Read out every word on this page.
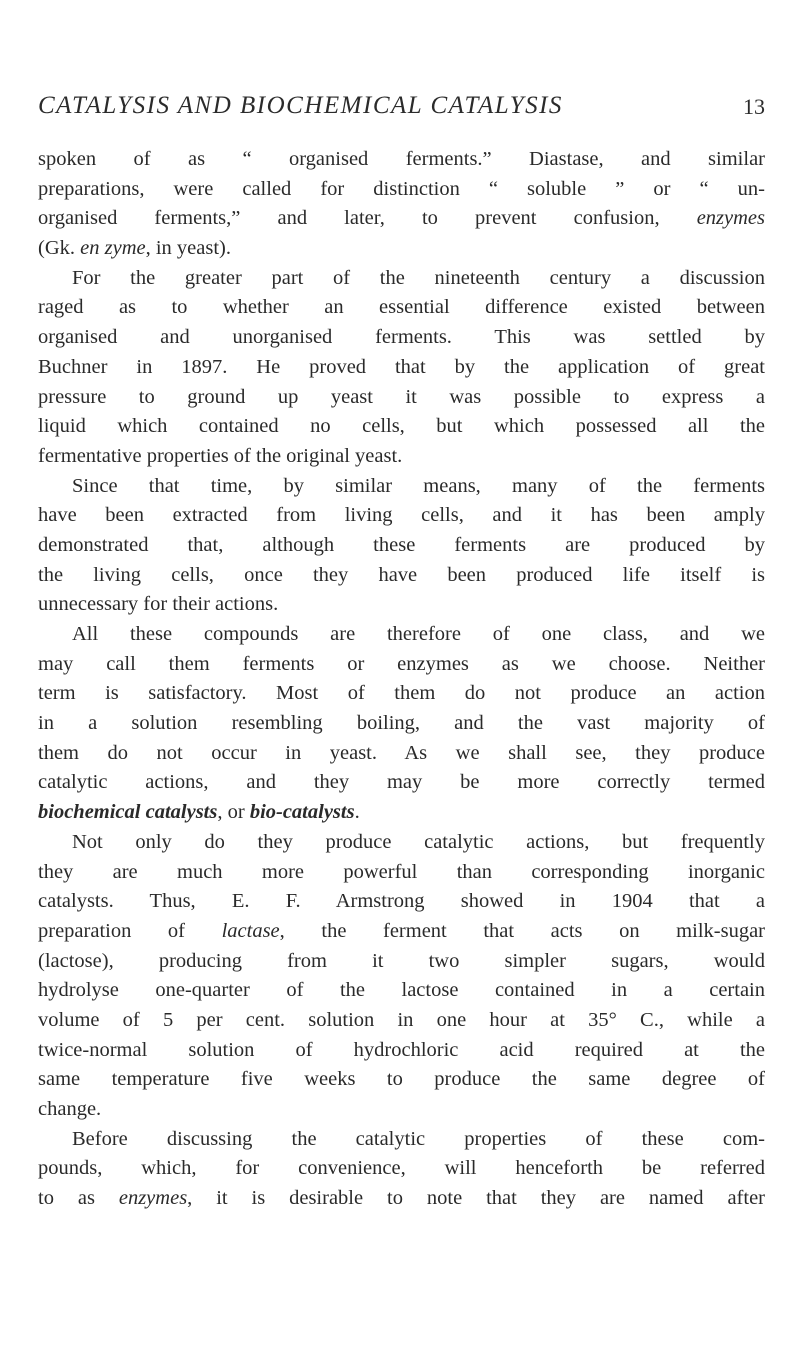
CATALYSIS AND BIOCHEMICAL CATALYSIS	13
spoken of as “ organised ferments.” Diastase, and similar
preparations, were called for distinction “ soluble ” or “ un-
organised ferments,” and later, to prevent confusion, enzymes
(Gk. en zyme, in yeast).
For the greater part of the nineteenth century a discussion
raged as to whether an essential difference existed between
organised and unorganised ferments. This was settled by
Buchner in 1897. He proved that by the application of great
pressure to ground up yeast it was possible to express a
liquid which contained no cells, but which possessed all the
fermentative properties of the original yeast.
Since that time, by similar means, many of the ferments
have been extracted from living cells, and it has been amply
demonstrated that, although these ferments are produced by
the living cells, once they have been produced life itself is
unnecessary for their actions.
All these compounds are therefore of one class, and we
may call them ferments or enzymes as we choose. Neither
term is satisfactory. Most of them do not produce an action
in a solution resembling boiling, and the vast majority of
them do not occur in yeast. As we shall see, they produce
catalytic actions, and they may be more correctly termed
biochemical catalysts, or bio-catalysts.
Not only do they produce catalytic actions, but frequently
they are much more powerful than corresponding inorganic
catalysts. Thus, E. F. Armstrong showed in 1904 that a
preparation of lactase, the ferment that acts on milk-sugar
(lactose), producing from it two simpler sugars, would
hydrolyse one-quarter of the lactose contained in a certain
volume of 5 per cent. solution in one hour at 35° C., while a
twice-normal solution of hydrochloric acid required at the
same temperature five weeks to produce the same degree of
change.
Before discussing the catalytic properties of these com-
pounds, which, for convenience, will henceforth be referred
to as enzymes, it is desirable to note that they are named after
